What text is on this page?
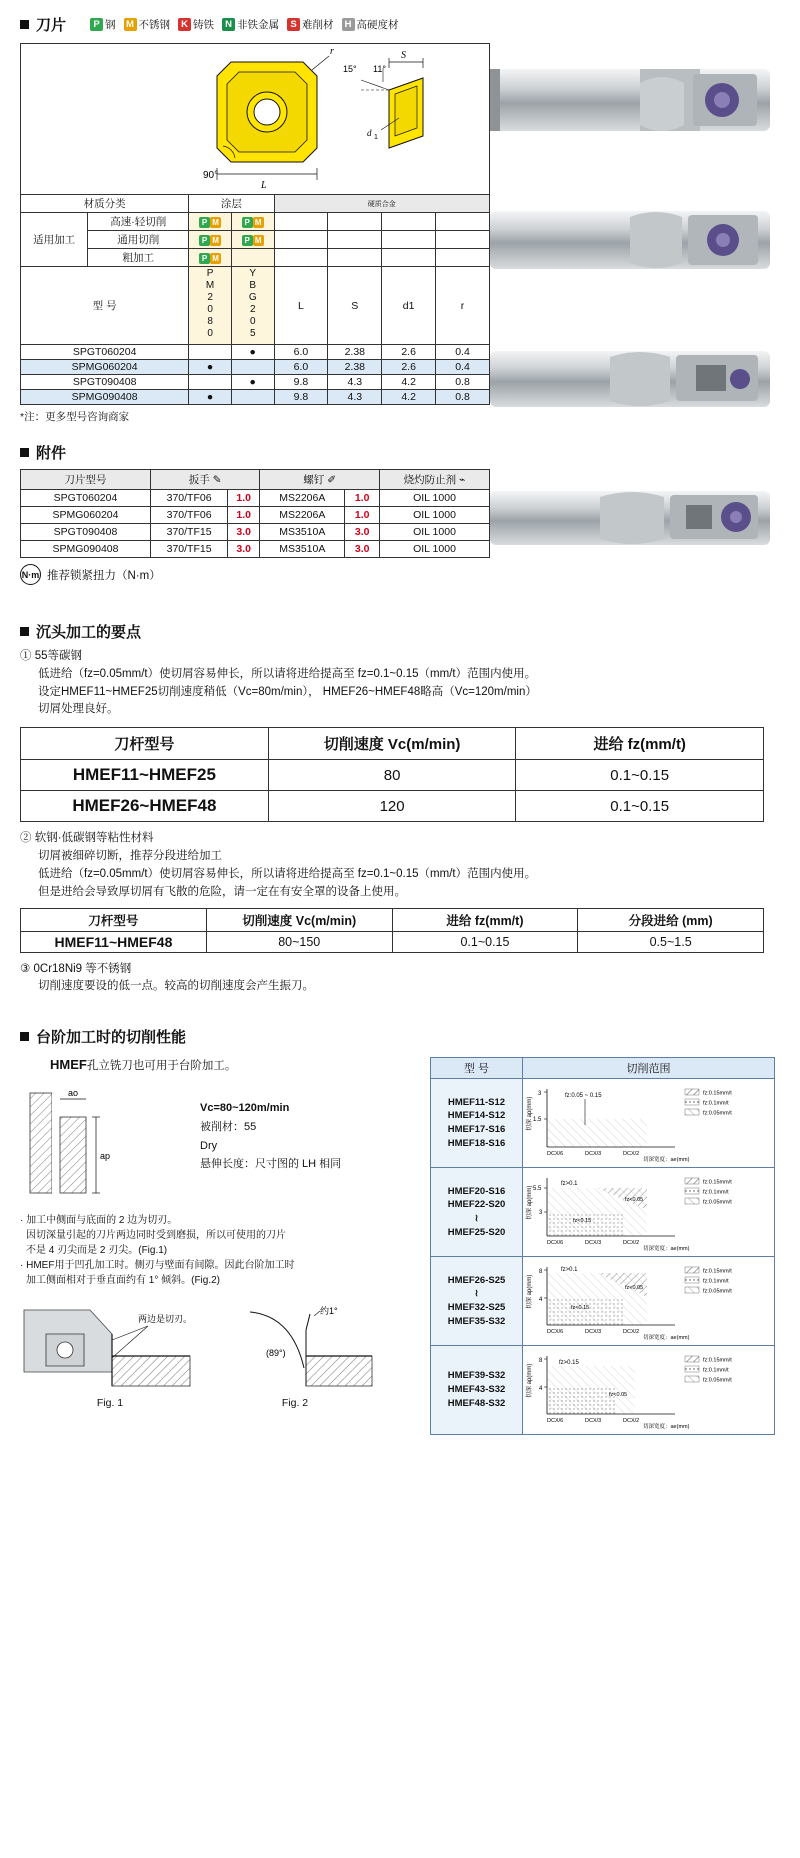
刀片	P 钢 M 不锈钢	K 铸铁	N 非铁金属	S 难削材	H 高硬度材
r
90°
L
15° 11°
S
d 1
材质分类		涂层		硬质合金			
适用加工	高速·轻切削	P M	P M				
	通用切削	P M	P M				
	粗加工	P M					
型 号		PM2080	YBG205	L	S	d1	r
SPGT060204			●	6.0	2.38	2.6	0.4
SPMG060204		●		6.0	2.38	2.6	0.4
SPGT090408			●	9.8	4.3	4.2	0.8
SPMG090408		●		9.8	4.3	4.2	0.8
*注：更多型号咨询商家
附件
刀片型号	扳手 ✎		螺钉 ✐		烧灼防止剂 ⌁
SPGT060204	370/TF06	1.0	MS2206A	1.0	OIL 1000
SPMG060204	370/TF06	1.0	MS2206A	1.0	OIL 1000
SPGT090408	370/TF15	3.0	MS3510A	3.0	OIL 1000
SPMG090408	370/TF15	3.0	MS3510A	3.0	OIL 1000
N·m 推荐锁紧扭力（N·m）
沉头加工的要点
① 55等碳钢
低进给（fz=0.05mm/t）使切屑容易伸长，所以请将进给提高至 fz=0.1~0.15（mm/t）范围内使用。
设定HMEF11~HMEF25切削速度稍低（Vc=80m/min）， HMEF26~HMEF48略高（Vc=120m/min）
切屑处理良好。
刀杆型号	切削速度 Vc(m/min)	进给 fz(mm/t)
HMEF11~HMEF25	80	0.1~0.15
HMEF26~HMEF48	120	0.1~0.15
② 软钢·低碳钢等粘性材料
切屑被细碎切断，推荐分段进给加工
低进给（fz=0.05mm/t）使切屑容易伸长，所以请将进给提高至 fz=0.1~0.15（mm/t）范围内使用。
但是进给会导致厚切屑有飞散的危险，请一定在有安全罩的设备上使用。
刀杆型号	切削速度 Vc(m/min)	进给 fz(mm/t)	分段进给 (mm)
HMEF11~HMEF48	80~150	0.1~0.15	0.5~1.5
③ 0Cr18Ni9 等不锈钢
切削速度要设的低一点。较高的切削速度会产生振刀。
台阶加工时的切削性能
HMEF孔立铣刀也可用于台阶加工。
ао
ар
Vc=80~120m/min
被削材：55
Dry
悬伸长度：尺寸图的 LH 相同
· 加工中侧面与底面的 2 边为切刃。
因切深量引起的刀片两边同时受到磨损，所以可使用的刀片
不是 4 刃尖而是 2 刃尖。(Fig.1)
· HMEF用于凹孔加工时。侧刃与壁面有间隙。因此台阶加工时
加工侧面相对于垂直面约有 1° 倾斜。(Fig.2)
两边是切刃。
Fig. 1
(89°)
约1°
Fig. 2
型 号	切削范围

HMEF11-S12
HMEF14-S12
HMEF17-S16
HMEF18-S16

切深 ap(mm)
3
1.5
fz:0.05 ~ 0.15
DCX/6	DCX/3	DCX/2
切深宽度：ae(mm)
fz:0.15mm/t
fz:0.1mm/t
fz:0.05mm/t

HMEF20-S16
HMEF22-S20
≀
HMEF25-S20

切深 ap(mm) 5.5
3
fz>0.1
fz<0.05
fz<0.15
DCX/6	DCX/3	DCX/2
切深宽度：ae(mm)
fz:0.15mm/t
fz:0.1mm/t
fz:0.05mm/t

HMEF26-S25
≀
HMEF32-S25
HMEF35-S32

切深 ap(mm)
8
4
fz>0.1
fz<0.05
fz<0.15
DCX/6	DCX/3	DCX/2
切深宽度：ae(mm)
fz:0.15mm/t
fz:0.1mm/t
fz:0.05mm/t

HMEF39-S32
HMEF43-S32
HMEF48-S32

切深 ap(mm)
8
4
fz>0.15
fz<0.05
DCX/6	DCX/3	DCX/2
切深宽度：ae(mm)
fz:0.15mm/t
fz:0.1mm/t
fz:0.05mm/t
